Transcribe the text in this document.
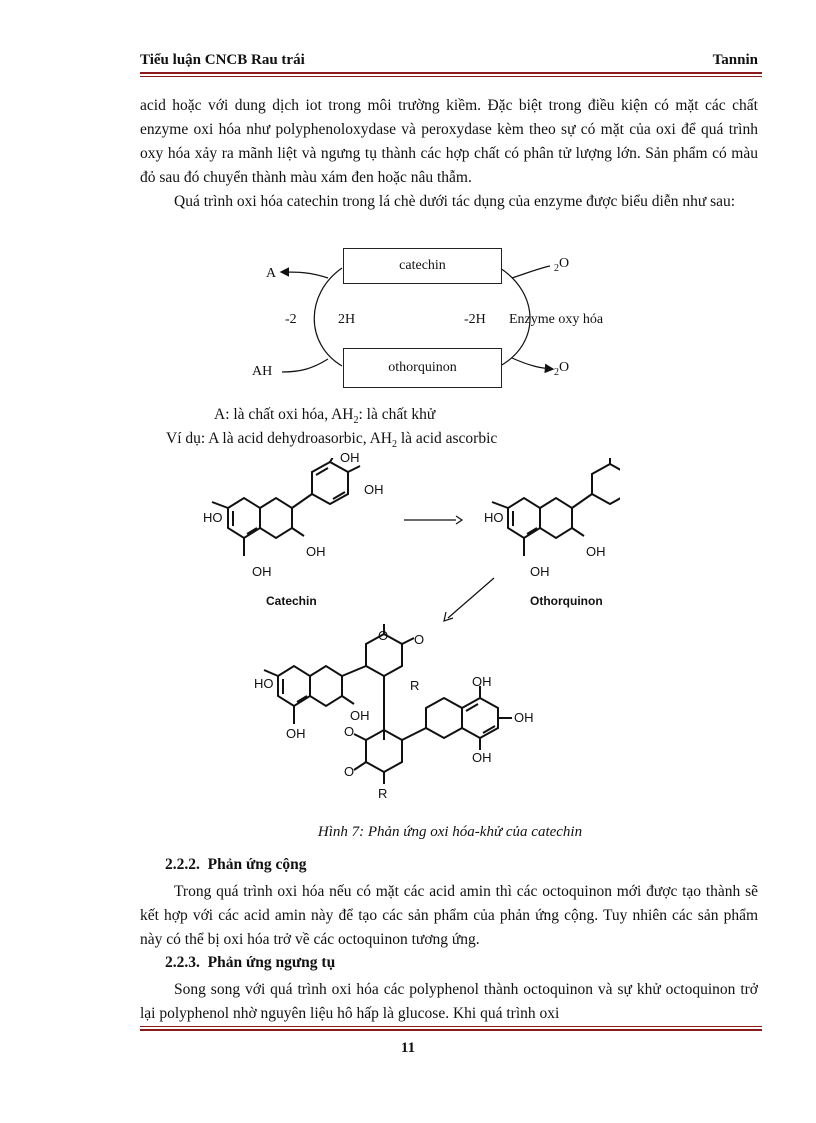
Tiểu luận CNCB Rau trái	Tannin
acid hoặc với dung dịch iot trong môi trường kiềm. Đặc biệt trong điều kiện có mặt các chất enzyme oxi hóa như polyphenoloxydase và peroxydase kèm theo sự có mặt của oxi để quá trình oxy hóa xảy ra mãnh liệt và ngưng tụ thành các hợp chất có phân tử lượng lớn. Sản phẩm có màu đỏ sau đó chuyển thành màu xám đen hoặc nâu thẫm.
Quá trình oxi hóa catechin trong lá chè dưới tác dụng của enzyme được biểu diễn như sau:
catechin
othorquinon
A
AH
-2	2H	-2H Enzyme oxy hóa
$_2$O
$_2$O
A: là chất oxi hóa, $AH_2$: là chất khử
Ví dụ: A là acid dehydroasorbic, $AH_2$ là acid ascorbic
HO
OH
OH
OH
OH
Catechin
HO
OH
OH
Othorquinon
HO
O O
OH
OH	O
O
R
R	OH
OH
OH
Hình 7: Phản ứng oxi hóa-khử của catechin
2.2.2. Phản ứng cộng
Trong quá trình oxi hóa nếu có mặt các acid amin thì các octoquinon mới được tạo thành sẽ kết hợp với các acid amin này để tạo các sản phẩm của phản ứng cộng. Tuy nhiên các sản phẩm này có thể bị oxi hóa trở về các octoquinon tương ứng.
2.2.3. Phản ứng ngưng tụ
Song song với quá trình oxi hóa các polyphenol thành octoquinon và sự khử octoquinon trở lại polyphenol nhờ nguyên liệu hô hấp là glucose. Khi quá trình oxi
11
